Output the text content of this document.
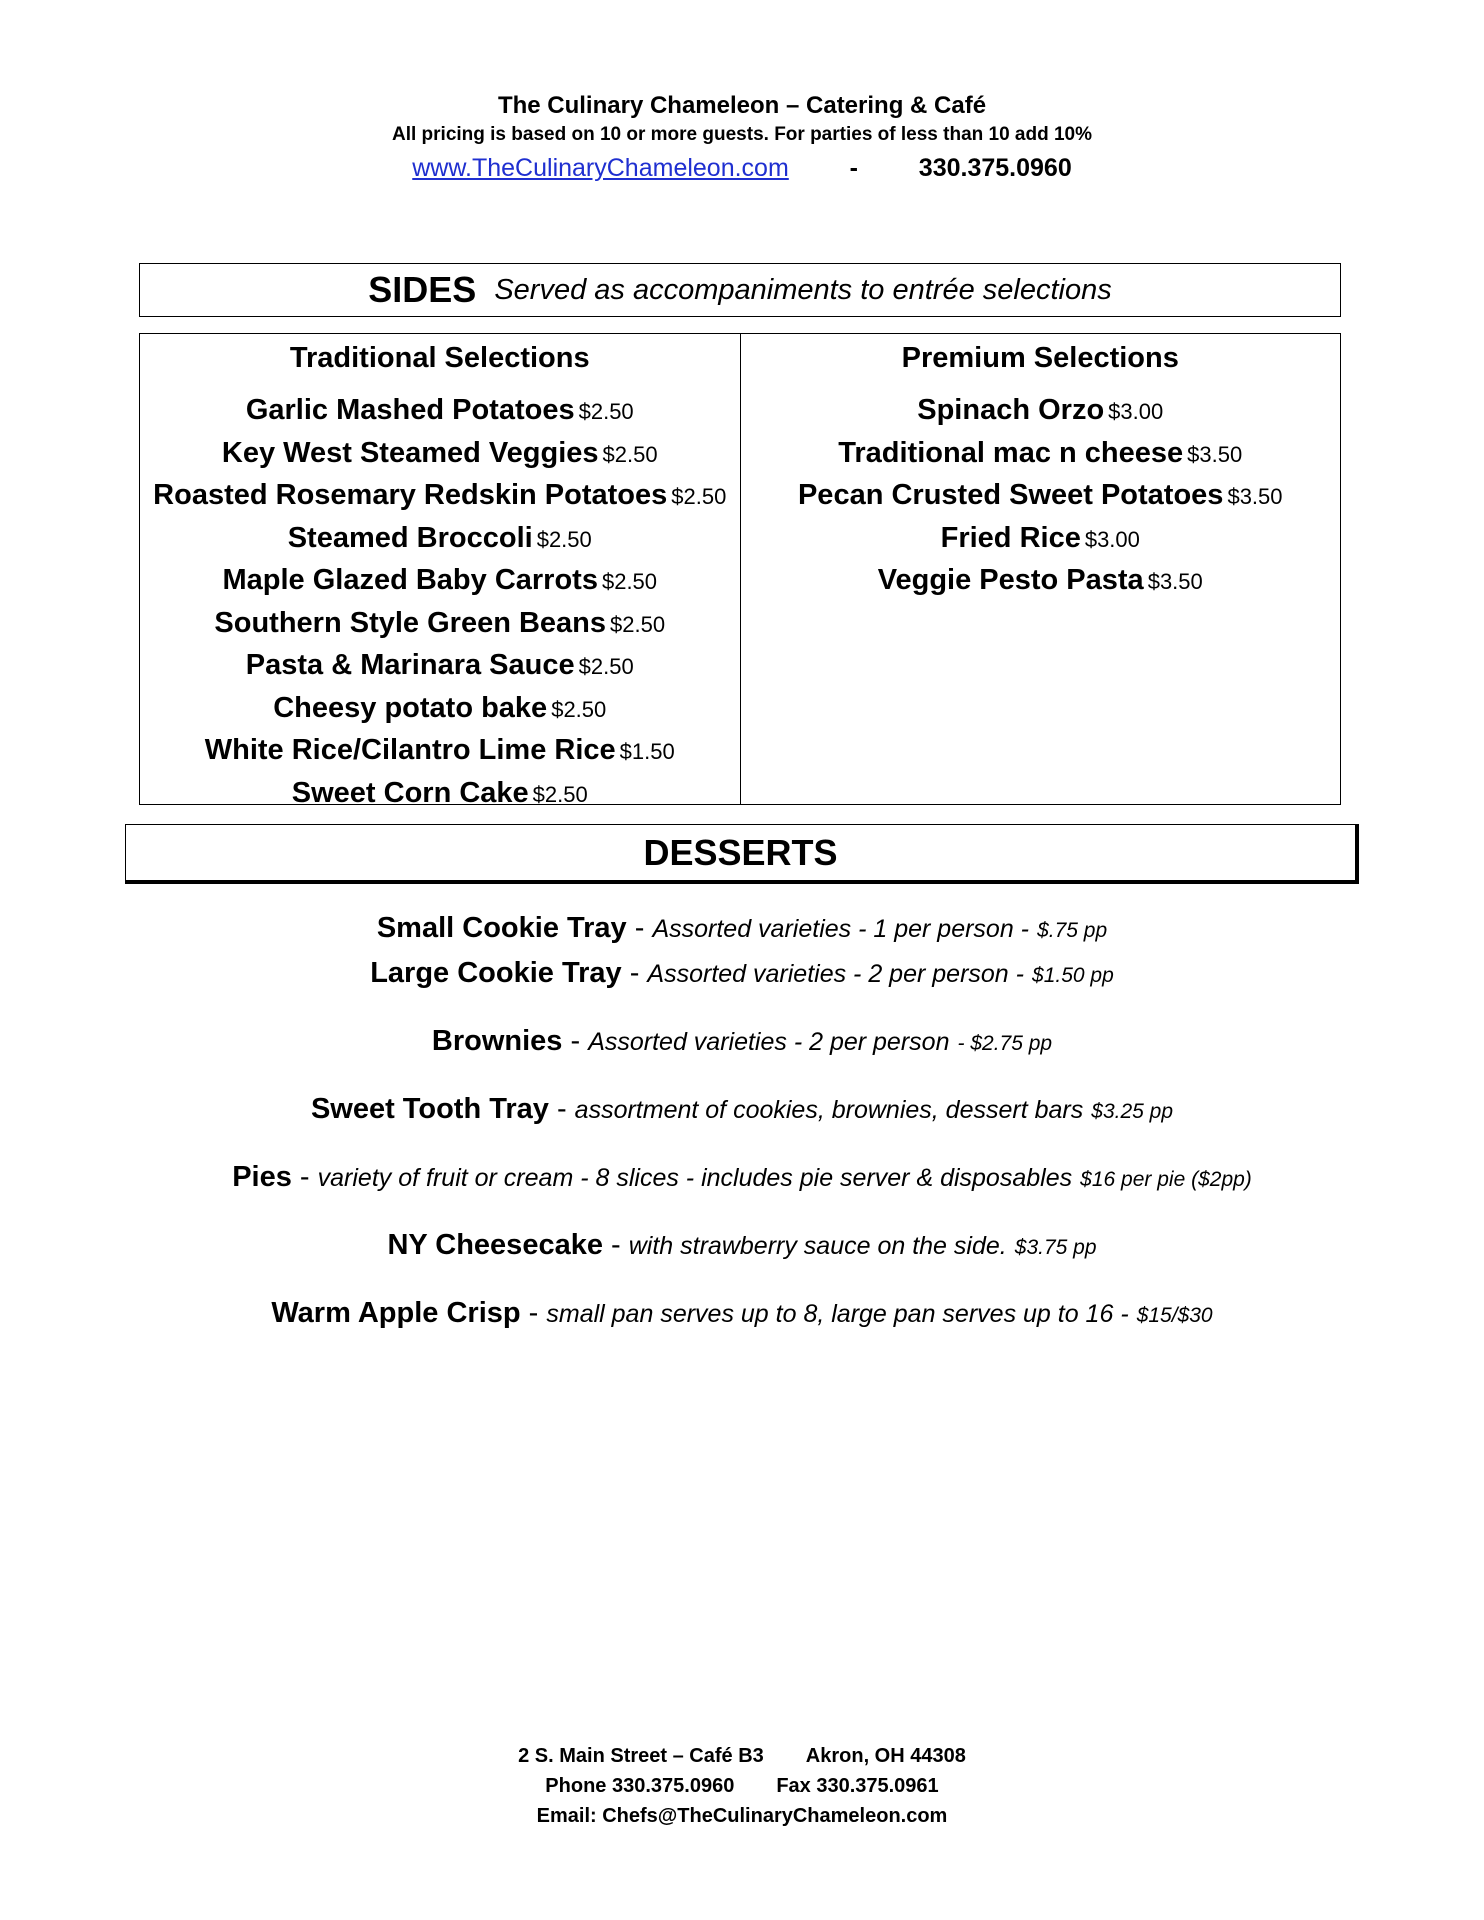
The Culinary Chameleon – Catering & Café
All pricing is based on 10 or more guests. For parties of less than 10 add 10%
www.TheCulinaryChameleon.com - 330.375.0960
SIDES Served as accompaniments to entrée selections
Traditional Selections
Garlic Mashed Potatoes $2.50
Key West Steamed Veggies $2.50
Roasted Rosemary Redskin Potatoes $2.50
Steamed Broccoli $2.50
Maple Glazed Baby Carrots $2.50
Southern Style Green Beans $2.50
Pasta & Marinara Sauce $2.50
Cheesy potato bake $2.50
White Rice/Cilantro Lime Rice $1.50
Sweet Corn Cake $2.50
Premium Selections
Spinach Orzo $3.00
Traditional mac n cheese $3.50
Pecan Crusted Sweet Potatoes $3.50
Fried Rice $3.00
Veggie Pesto Pasta $3.50
DESSERTS
Small Cookie Tray - Assorted varieties - 1 per person - $.75 pp
Large Cookie Tray - Assorted varieties - 2 per person - $1.50 pp
Brownies - Assorted varieties - 2 per person - $2.75 pp
Sweet Tooth Tray - assortment of cookies, brownies, dessert bars $3.25 pp
Pies - variety of fruit or cream - 8 slices - includes pie server & disposables $16 per pie ($2pp)
NY Cheesecake - with strawberry sauce on the side. $3.75 pp
Warm Apple Crisp - small pan serves up to 8, large pan serves up to 16 - $15/$30
2 S. Main Street – Café B3 Akron, OH 44308
Phone 330.375.0960 Fax 330.375.0961
Email: Chefs@TheCulinaryChameleon.com
